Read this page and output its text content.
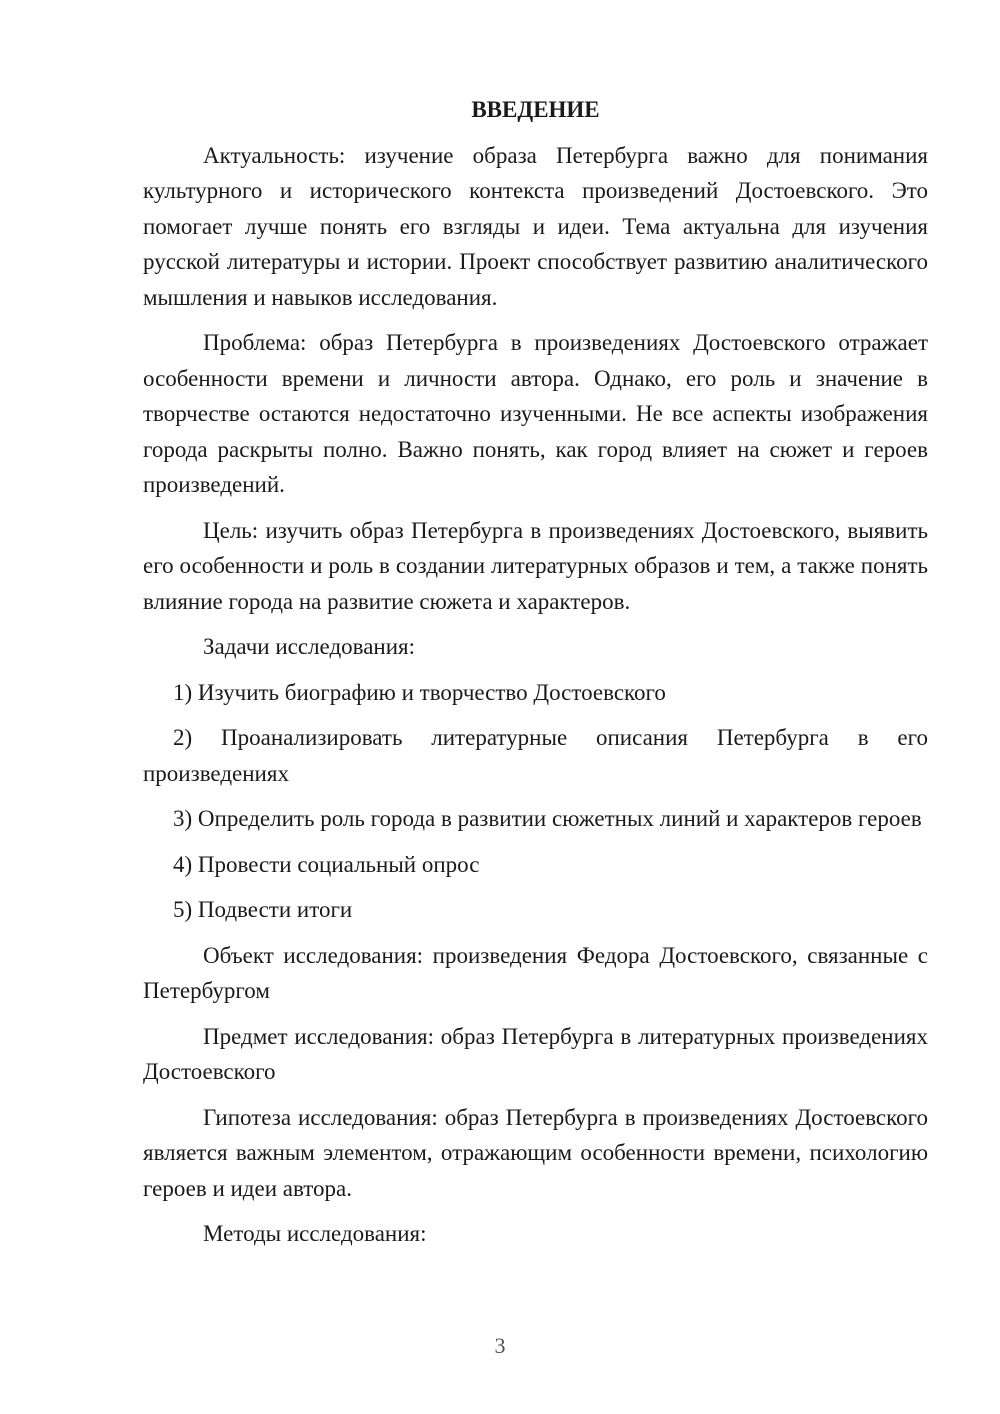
ВВЕДЕНИЕ

Актуальность: изучение образа Петербурга важно для понимания культурного и исторического контекста произведений Достоевского. Это помогает лучше понять его взгляды и идеи. Тема актуальна для изучения русской литературы и истории. Проект способствует развитию аналитического мышления и навыков исследования.

Проблема: образ Петербурга в произведениях Достоевского отражает особенности времени и личности автора. Однако, его роль и значение в творчестве остаются недостаточно изученными. Не все аспекты изображения города раскрыты полно. Важно понять, как город влияет на сюжет и героев произведений.

Цель: изучить образ Петербурга в произведениях Достоевского, выявить его особенности и роль в создании литературных образов и тем, а также понять влияние города на развитие сюжета и характеров.

Задачи исследования:

1) Изучить биографию и творчество Достоевского

2) Проанализировать литературные описания Петербурга в его произведениях

3) Определить роль города в развитии сюжетных линий и характеров героев

4) Провести социальный опрос

5) Подвести итоги

Объект исследования: произведения Федора Достоевского, связанные с Петербургом

Предмет исследования: образ Петербурга в литературных произведениях Достоевского

Гипотеза исследования: образ Петербурга в произведениях Достоевского является важным элементом, отражающим особенности времени, психологию героев и идеи автора.

Методы исследования:

3
